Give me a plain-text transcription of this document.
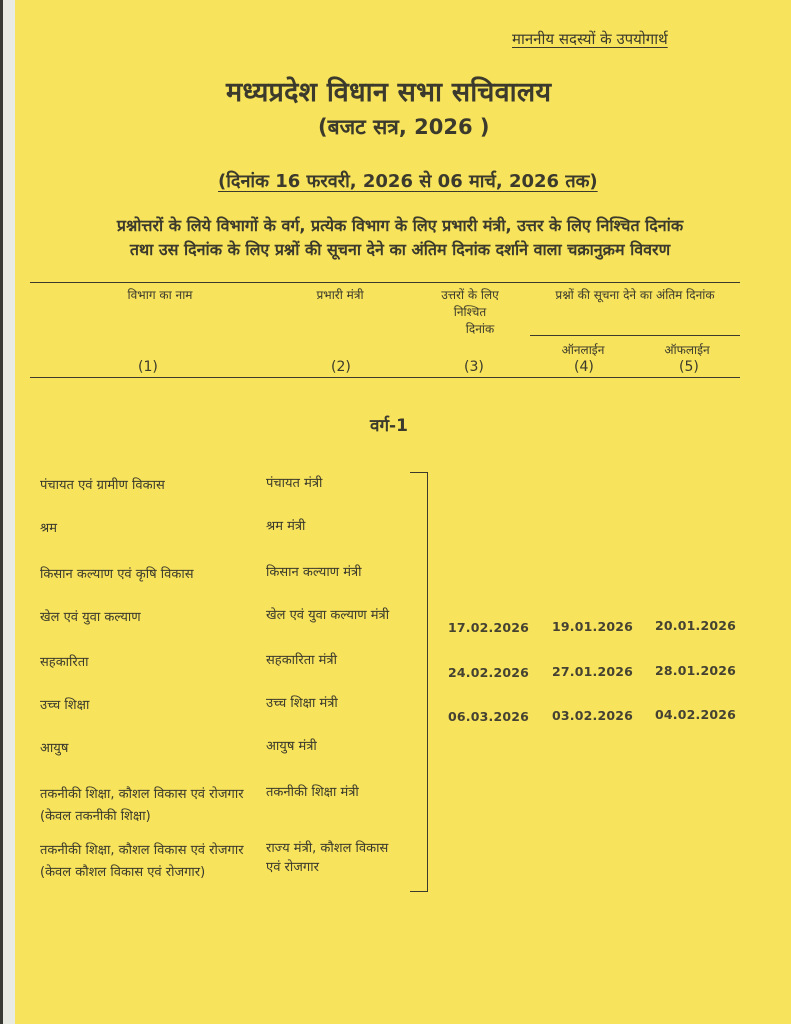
माननीय सदस्यों के उपयोगार्थ
मध्यप्रदेश विधान सभा सचिवालय
(बजट सत्र, 2026 )
(दिनांक 16 फरवरी, 2026 से 06 मार्च, 2026 तक)
प्रश्नोत्तरों के लिये विभागों के वर्ग, प्रत्येक विभाग के लिए प्रभारी मंत्री, उत्तर के लिए निश्चित दिनांक
तथा उस दिनांक के लिए प्रश्नों की सूचना देने का अंतिम दिनांक दर्शाने वाला चक्रानुक्रम विवरण
विभाग का नाम	प्रभारी मंत्री	उत्तरों के लिए
निश्चित
दिनांक
प्रश्नों की सूचना देने का अंतिम दिनांक
ऑनलाईन	ऑफलाईन
(1)	(2)	(3)	(4)	(5)
वर्ग-1
पंचायत एवं ग्रामीण विकास	पंचायत मंत्री
श्रम	श्रम मंत्री
किसान कल्याण एवं कृषि विकास	किसान कल्याण मंत्री
खेल एवं युवा कल्याण	खेल एवं युवा कल्याण मंत्री
सहकारिता	सहकारिता मंत्री
उच्च शिक्षा	उच्च शिक्षा मंत्री
आयुष	आयुष मंत्री
तकनीकी शिक्षा, कौशल विकास एवं रोजगार
(केवल तकनीकी शिक्षा)
तकनीकी शिक्षा मंत्री
तकनीकी शिक्षा, कौशल विकास एवं रोजगार
(केवल कौशल विकास एवं रोजगार)
राज्य मंत्री, कौशल विकास
एवं रोजगार
17.02.2026 19.01.2026 20.01.2026
24.02.2026 27.01.2026 28.01.2026
06.03.2026 03.02.2026 04.02.2026
